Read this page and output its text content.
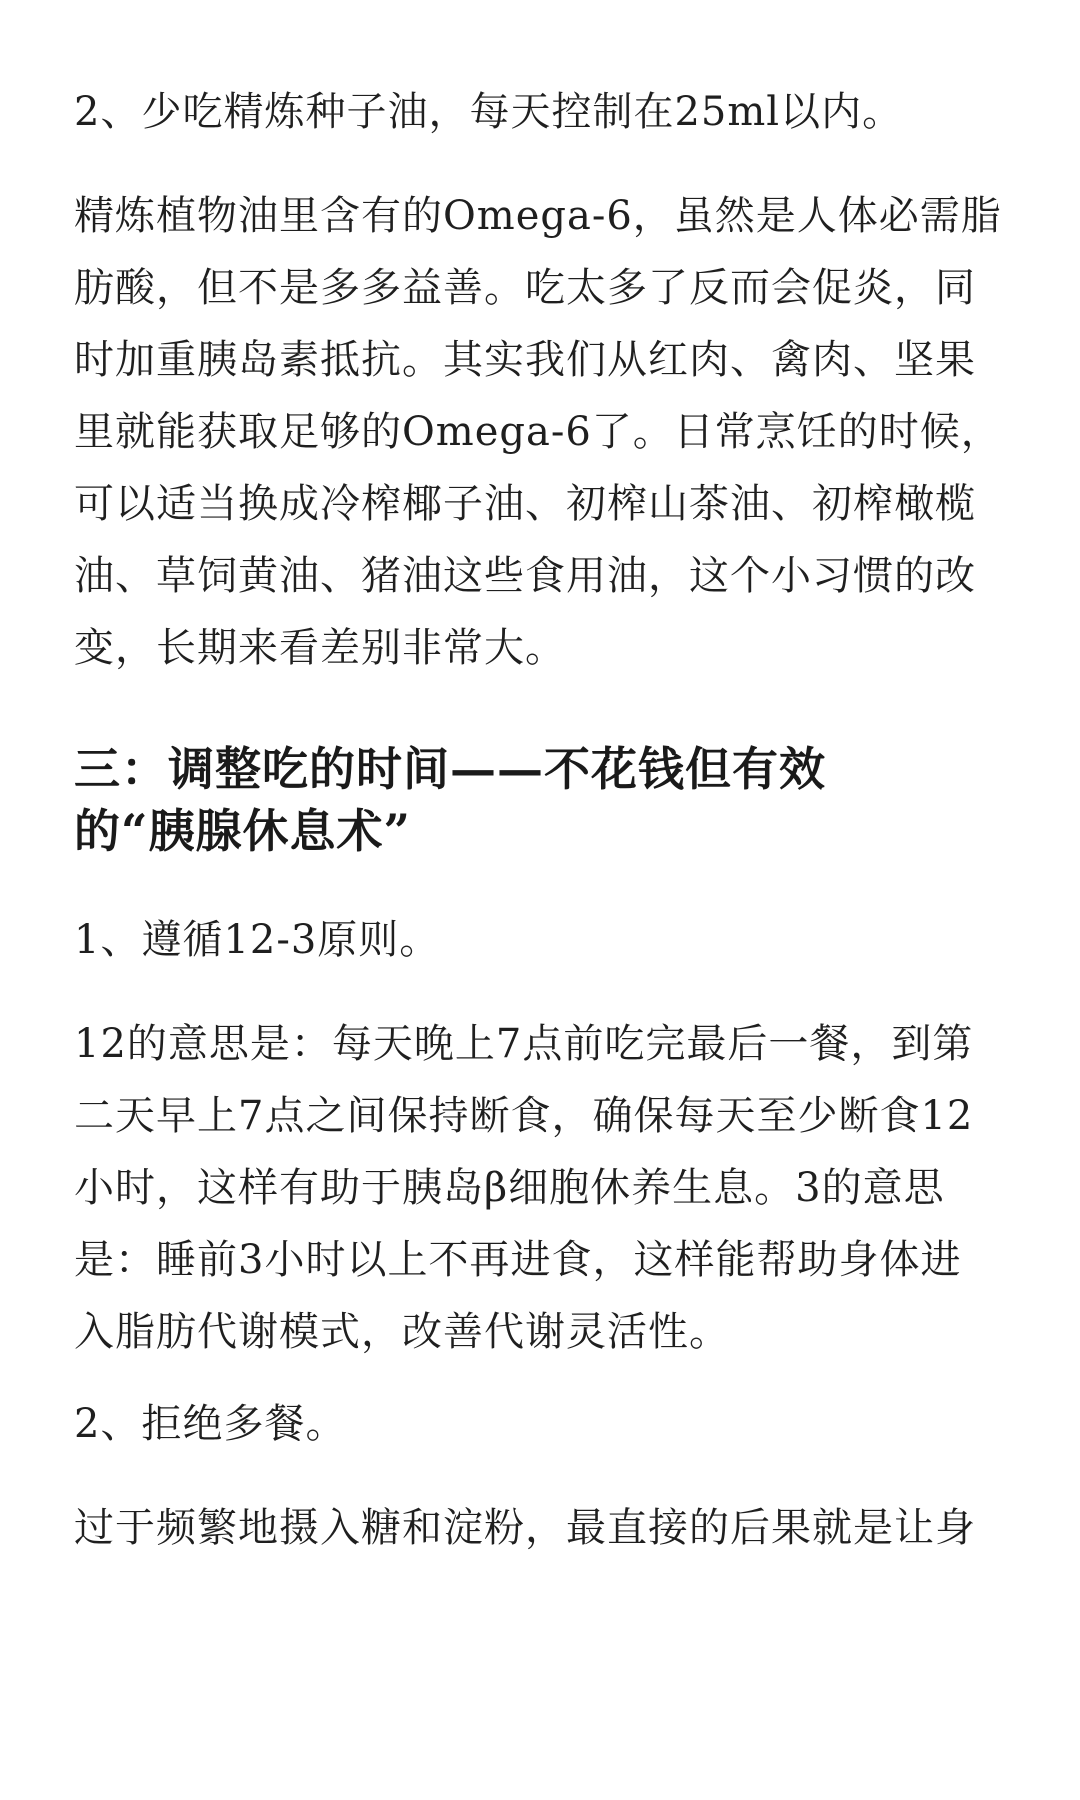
2、少吃精炼种子油，每天控制在25ml以内。

精炼植物油里含有的Omega-6，虽然是人体必需脂
肪酸，但不是多多益善。吃太多了反而会促炎，同
时加重胰岛素抵抗。其实我们从红肉、禽肉、坚果
里就能获取足够的Omega-6了。日常烹饪的时候，
可以适当换成冷榨椰子油、初榨山茶油、初榨橄榄
油、草饲黄油、猪油这些食用油，这个小习惯的改
变，长期来看差别非常大。

三：调整吃的时间——不花钱但有效
的“胰腺休息术”

1、遵循12-3原则。

12的意思是：每天晚上7点前吃完最后一餐，到第
二天早上7点之间保持断食，确保每天至少断食12
小时，这样有助于胰岛β细胞休养生息。3的意思
是：睡前3小时以上不再进食，这样能帮助身体进
入脂肪代谢模式，改善代谢灵活性。

2、拒绝多餐。

过于频繁地摄入糖和淀粉，最直接的后果就是让身
